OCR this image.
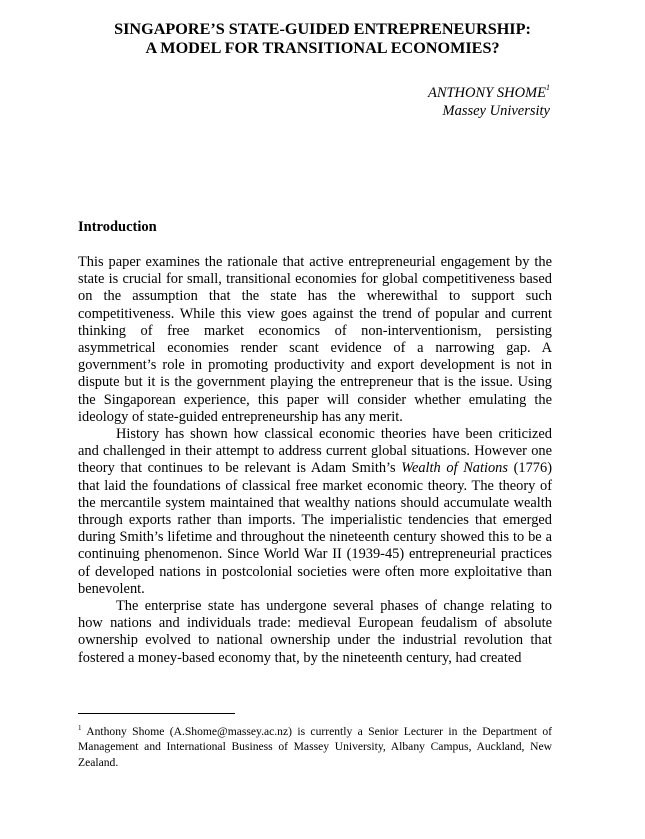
SINGAPORE’S STATE-GUIDED ENTREPRENEURSHIP:
A MODEL FOR TRANSITIONAL ECONOMIES?
ANTHONY SHOME$^1$
Massey University
Introduction

This paper examines the rationale that active entrepreneurial engagement by the state is crucial for small, transitional economies for global competitiveness based on the assumption that the state has the wherewithal to support such competitiveness. While this view goes against the trend of popular and current thinking of free market economics of non-interventionism, persisting asymmetrical economies render scant evidence of a narrowing gap. A government’s role in promoting productivity and export development is not in dispute but it is the government playing the entrepreneur that is the issue. Using the Singaporean experience, this paper will consider whether emulating the ideology of state-guided entrepreneurship has any merit.

History has shown how classical economic theories have been criticized and challenged in their attempt to address current global situations. However one theory that continues to be relevant is Adam Smith’s Wealth of Nations (1776) that laid the foundations of classical free market economic theory. The theory of the mercantile system maintained that wealthy nations should accumulate wealth through exports rather than imports. The imperialistic tendencies that emerged during Smith’s lifetime and throughout the nineteenth century showed this to be a continuing phenomenon. Since World War II (1939-45) entrepreneurial practices of developed nations in postcolonial societies were often more exploitative than benevolent.

The enterprise state has undergone several phases of change relating to how nations and individuals trade: medieval European feudalism of absolute ownership evolved to national ownership under the industrial revolution that fostered a money-based economy that, by the nineteenth century, had created

$^1$ Anthony Shome (A.Shome@massey.ac.nz) is currently a Senior Lecturer in the Department of Management and International Business of Massey University, Albany Campus, Auckland, New Zealand.
